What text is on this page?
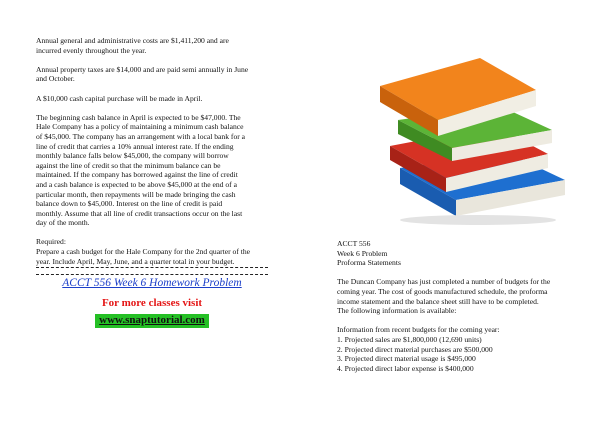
Annual general and administrative costs are $1,411,200 and are
incurred evenly throughout the year.

Annual property taxes are $14,000 and are paid semi annually in June
and October.

A $10,000 cash capital purchase will be made in April.

The beginning cash balance in April is expected to be $47,000. The
Hale Company has a policy of maintaining a minimum cash balance
of $45,000. The company has an arrangement with a local bank for a
line of credit that carries a 10% annual interest rate. If the ending
monthly balance falls below $45,000, the company will borrow
against the line of credit so that the minimum balance can be
maintained. If the company has borrowed against the line of credit
and a cash balance is expected to be above $45,000 at the end of a
particular month, then repayments will be made bringing the cash
balance down to $45,000. Interest on the line of credit is paid
monthly. Assume that all line of credit transactions occur on the last
day of the month.

Required:

Prepare a cash budget for the Hale Company for the 2nd quarter of the
year. Include April, May, June, and a quarter total in your budget.

ACCT 556 Week 6 Homework Problem
For more classes visit
www.snaptutorial.com

ACCT 556

Week 6 Problem

Proforma Statements

The Duncan Company has just completed a number of budgets for the
coming year. The cost of goods manufactured schedule, the proforma
income statement and the balance sheet still have to be completed.
The following information is available:

Information from recent budgets for the coming year:

1. Projected sales are $1,800,000 (12,690 units)

2. Projected direct material purchases are $500,000

3. Projected direct material usage is $495,000

4. Projected direct labor expense is $400,000
